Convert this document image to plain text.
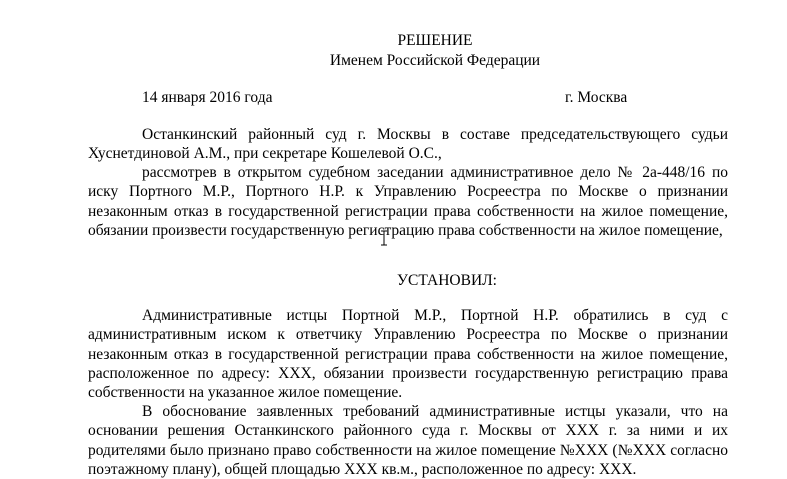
РЕШЕНИЕ
Именем Российской Федерации
14 января 2016 года	г. Москва
Останкинский районный суд г. Москвы в составе председательствующего судьи Хуснетдиновой А.М., при секретаре Кошелевой О.С.,
рассмотрев в открытом судебном заседании административное дело № 2а-448/16 по иску Портного М.Р., Портного Н.Р. к Управлению Росреестра по Москве о признании незаконным отказ в государственной регистрации права собственности на жилое помещение, обязании произвести государственную регистрацию права собственности на жилое помещение,
УСТАНОВИЛ:
Административные истцы Портной М.Р., Портной Н.Р. обратились в суд с административным иском к ответчику Управлению Росреестра по Москве о признании незаконным отказ в государственной регистрации права собственности на жилое помещение, расположенное по адресу: ХХХ, обязании произвести государственную регистрацию права собственности на указанное жилое помещение.
В обоснование заявленных требований административные истцы указали, что на основании решения Останкинского районного суда г. Москвы от ХХХ г. за ними и их родителями было признано право собственности на жилое помещение №ХХХ (№ХХХ согласно поэтажному плану), общей площадью ХХХ кв.м., расположенное по адресу: ХХХ.
